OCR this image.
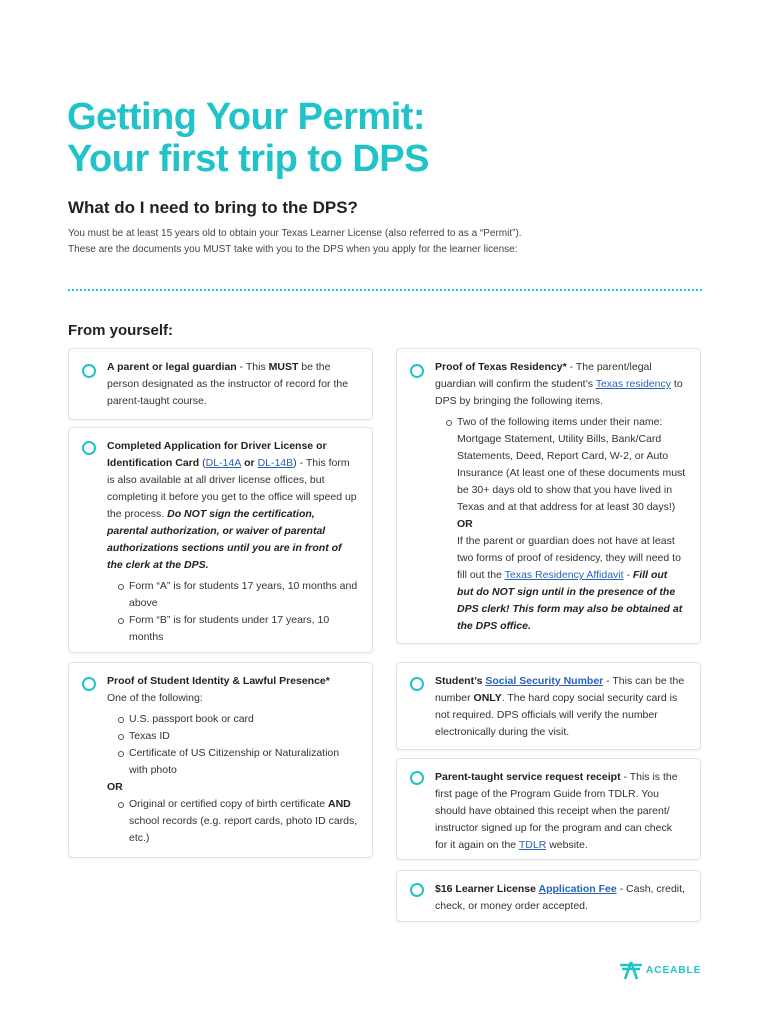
Getting Your Permit:
Your first trip to DPS
What do I need to bring to the DPS?
You must be at least 15 years old to obtain your Texas Learner License (also referred to as a “Permit”).
These are the documents you MUST take with you to the DPS when you apply for the learner license:
From yourself:
A parent or legal guardian - This MUST be the person designated as the instructor of record for the parent-taught course.
Completed Application for Driver License or Identification Card (DL-14A or DL-14B) - This form is also available at all driver license offices, but completing it before you get to the office will speed up the process. Do NOT sign the certification, parental authorization, or waiver of parental authorizations sections until you are in front of the clerk at the DPS.
Form “A” is for students 17 years, 10 months and above
Form “B” is for students under 17 years, 10 months
Proof of Student Identity & Lawful Presence*
One of the following:
U.S. passport book or card
Texas ID
Certificate of US Citizenship or Naturalization with photo
OR
Original or certified copy of birth certificate AND school records (e.g. report cards, photo ID cards, etc.)
Proof of Texas Residency* - The parent/legal guardian will confirm the student’s Texas residency to DPS by bringing the following items.
Two of the following items under their name: Mortgage Statement, Utility Bills, Bank/Card Statements, Deed, Report Card, W-2, or Auto Insurance (At least one of these documents must be 30+ days old to show that you have lived in Texas and at that address for at least 30 days!) OR
If the parent or guardian does not have at least two forms of proof of residency, they will need to fill out the Texas Residency Affidavit - Fill out but do NOT sign until in the presence of the DPS clerk! This form may also be obtained at the DPS office.
Student’s Social Security Number - This can be the number ONLY. The hard copy social security card is not required. DPS officials will verify the number electronically during the visit.
Parent-taught service request receipt - This is the first page of the Program Guide from TDLR. You should have obtained this receipt when the parent/ instructor signed up for the program and can check for it again on the TDLR website.
$16 Learner License Application Fee - Cash, credit, check, or money order accepted.
ACEABLE
